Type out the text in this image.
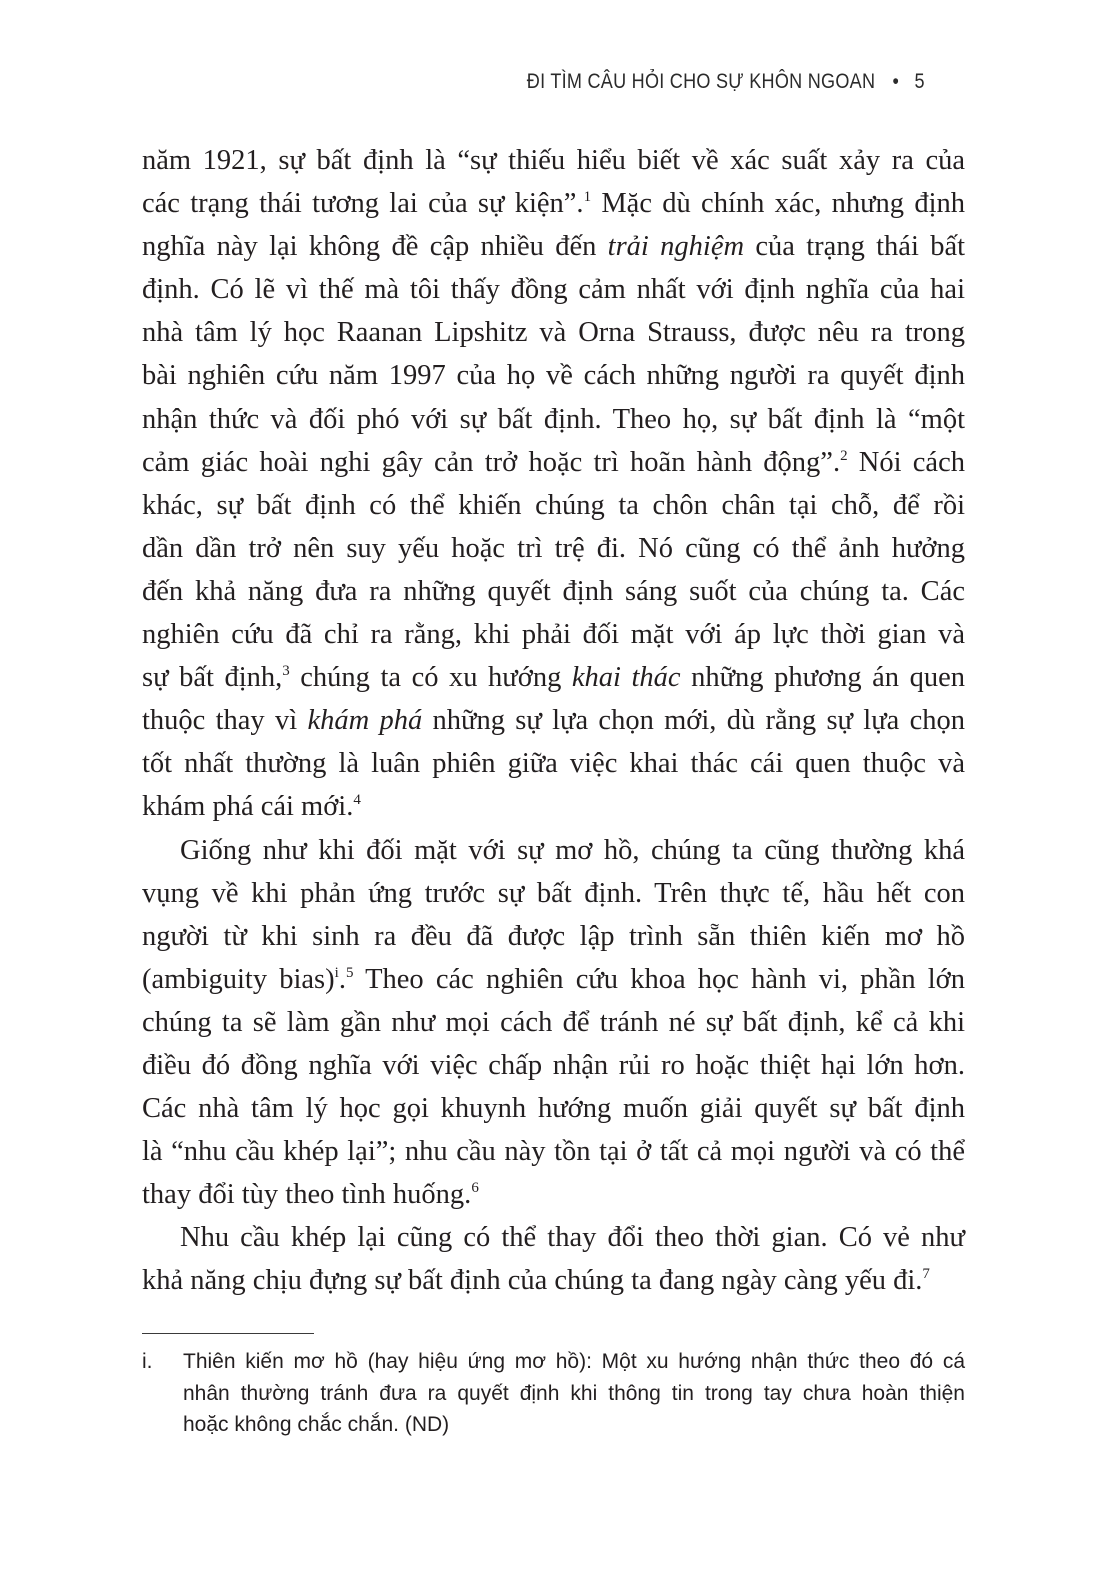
ĐI TÌM CÂU HỎI CHO SỰ KHÔN NGOAN • 5
năm 1921, sự bất định là “sự thiếu hiểu biết về xác suất xảy ra của
các trạng thái tương lai của sự kiện”.$^1$ Mặc dù chính xác, nhưng định
nghĩa này lại không đề cập nhiều đến trải nghiệm của trạng thái bất
định. Có lẽ vì thế mà tôi thấy đồng cảm nhất với định nghĩa của hai
nhà tâm lý học Raanan Lipshitz và Orna Strauss, được nêu ra trong
bài nghiên cứu năm 1997 của họ về cách những người ra quyết định
nhận thức và đối phó với sự bất định. Theo họ, sự bất định là “một
cảm giác hoài nghi gây cản trở hoặc trì hoãn hành động”.$^2$ Nói cách
khác, sự bất định có thể khiến chúng ta chôn chân tại chỗ, để rồi
dần dần trở nên suy yếu hoặc trì trệ đi. Nó cũng có thể ảnh hưởng
đến khả năng đưa ra những quyết định sáng suốt của chúng ta. Các
nghiên cứu đã chỉ ra rằng, khi phải đối mặt với áp lực thời gian và
sự bất định,$^3$ chúng ta có xu hướng khai thác những phương án quen
thuộc thay vì khám phá những sự lựa chọn mới, dù rằng sự lựa chọn
tốt nhất thường là luân phiên giữa việc khai thác cái quen thuộc và
khám phá cái mới.$^4$
Giống như khi đối mặt với sự mơ hồ, chúng ta cũng thường khá
vụng về khi phản ứng trước sự bất định. Trên thực tế, hầu hết con
người từ khi sinh ra đều đã được lập trình sẵn thiên kiến mơ hồ
(ambiguity bias)$^i$.$^5$ Theo các nghiên cứu khoa học hành vi, phần lớn
chúng ta sẽ làm gần như mọi cách để tránh né sự bất định, kể cả khi
điều đó đồng nghĩa với việc chấp nhận rủi ro hoặc thiệt hại lớn hơn.
Các nhà tâm lý học gọi khuynh hướng muốn giải quyết sự bất định
là “nhu cầu khép lại”; nhu cầu này tồn tại ở tất cả mọi người và có thể
thay đổi tùy theo tình huống.$^6$
Nhu cầu khép lại cũng có thể thay đổi theo thời gian. Có vẻ như
khả năng chịu đựng sự bất định của chúng ta đang ngày càng yếu đi.$^7$
i. Thiên kiến mơ hồ (hay hiệu ứng mơ hồ): Một xu hướng nhận thức theo đó cá
nhân thường tránh đưa ra quyết định khi thông tin trong tay chưa hoàn thiện
hoặc không chắc chắn. (ND)
